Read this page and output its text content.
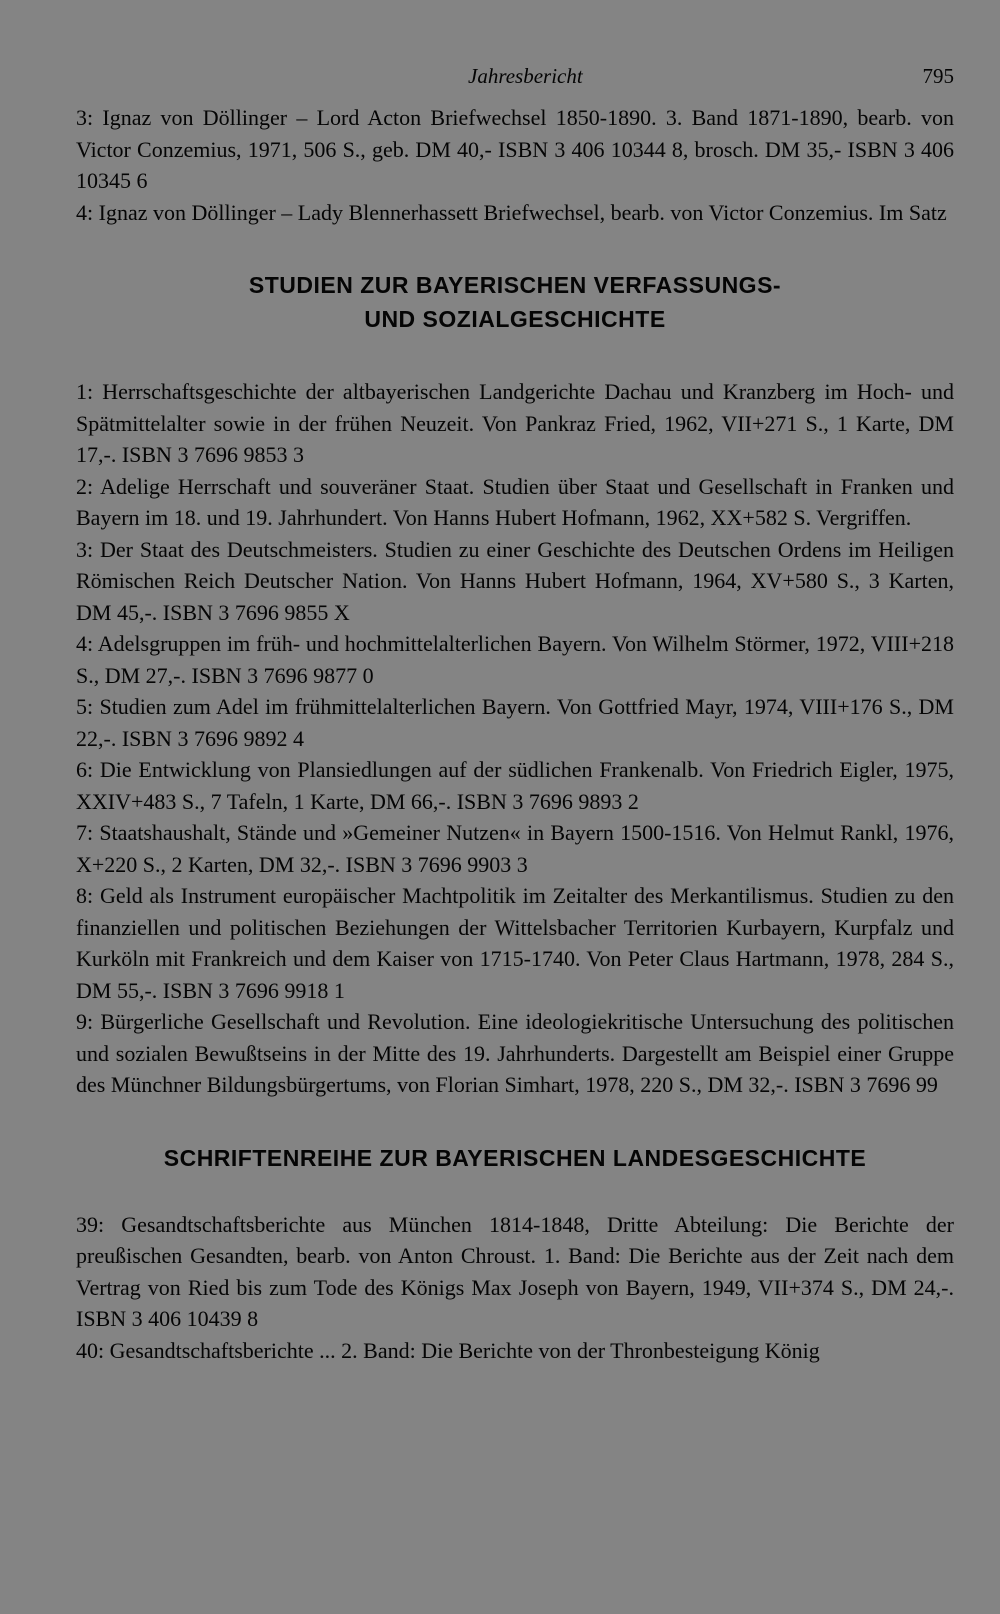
Jahresbericht	795

3: Ignaz von Döllinger – Lord Acton Briefwechsel 1850-1890. 3. Band 1871-1890, bearb. von Victor Conzemius, 1971, 506 S., geb. DM 40,- ISBN 3 406 10344 8, brosch. DM 35,- ISBN 3 406 10345 6

4: Ignaz von Döllinger – Lady Blennerhassett Briefwechsel, bearb. von Victor Conzemius. Im Satz

STUDIEN ZUR BAYERISCHEN VERFASSUNGS-
UND SOZIALGESCHICHTE

1: Herrschaftsgeschichte der altbayerischen Landgerichte Dachau und Kranzberg im Hoch- und Spätmittelalter sowie in der frühen Neuzeit. Von Pankraz Fried, 1962, VII+271 S., 1 Karte, DM 17,-. ISBN 3 7696 9853 3

2: Adelige Herrschaft und souveräner Staat. Studien über Staat und Gesellschaft in Franken und Bayern im 18. und 19. Jahrhundert. Von Hanns Hubert Hofmann, 1962, XX+582 S. Vergriffen.

3: Der Staat des Deutschmeisters. Studien zu einer Geschichte des Deutschen Ordens im Heiligen Römischen Reich Deutscher Nation. Von Hanns Hubert Hofmann, 1964, XV+580 S., 3 Karten, DM 45,-. ISBN 3 7696 9855 X

4: Adelsgruppen im früh- und hochmittelalterlichen Bayern. Von Wilhelm Störmer, 1972, VIII+218 S., DM 27,-. ISBN 3 7696 9877 0

5: Studien zum Adel im frühmittelalterlichen Bayern. Von Gottfried Mayr, 1974, VIII+176 S., DM 22,-. ISBN 3 7696 9892 4

6: Die Entwicklung von Plansiedlungen auf der südlichen Frankenalb. Von Friedrich Eigler, 1975, XXIV+483 S., 7 Tafeln, 1 Karte, DM 66,-. ISBN 3 7696 9893 2

7: Staatshaushalt, Stände und »Gemeiner Nutzen« in Bayern 1500-1516. Von Helmut Rankl, 1976, X+220 S., 2 Karten, DM 32,-. ISBN 3 7696 9903 3

8: Geld als Instrument europäischer Machtpolitik im Zeitalter des Merkantilismus. Studien zu den finanziellen und politischen Beziehungen der Wittelsbacher Territorien Kurbayern, Kurpfalz und Kurköln mit Frankreich und dem Kaiser von 1715-1740. Von Peter Claus Hartmann, 1978, 284 S., DM 55,-. ISBN 3 7696 9918 1

9: Bürgerliche Gesellschaft und Revolution. Eine ideologiekritische Untersuchung des politischen und sozialen Bewußtseins in der Mitte des 19. Jahrhunderts. Dargestellt am Beispiel einer Gruppe des Münchner Bildungsbürgertums, von Florian Simhart, 1978, 220 S., DM 32,-. ISBN 3 7696 99

SCHRIFTENREIHE ZUR BAYERISCHEN LANDESGESCHICHTE

39: Gesandtschaftsberichte aus München 1814-1848, Dritte Abteilung: Die Berichte der preußischen Gesandten, bearb. von Anton Chroust. 1. Band: Die Berichte aus der Zeit nach dem Vertrag von Ried bis zum Tode des Königs Max Joseph von Bayern, 1949, VII+374 S., DM 24,-. ISBN 3 406 10439 8

40: Gesandtschaftsberichte ... 2. Band: Die Berichte von der Thronbesteigung König
